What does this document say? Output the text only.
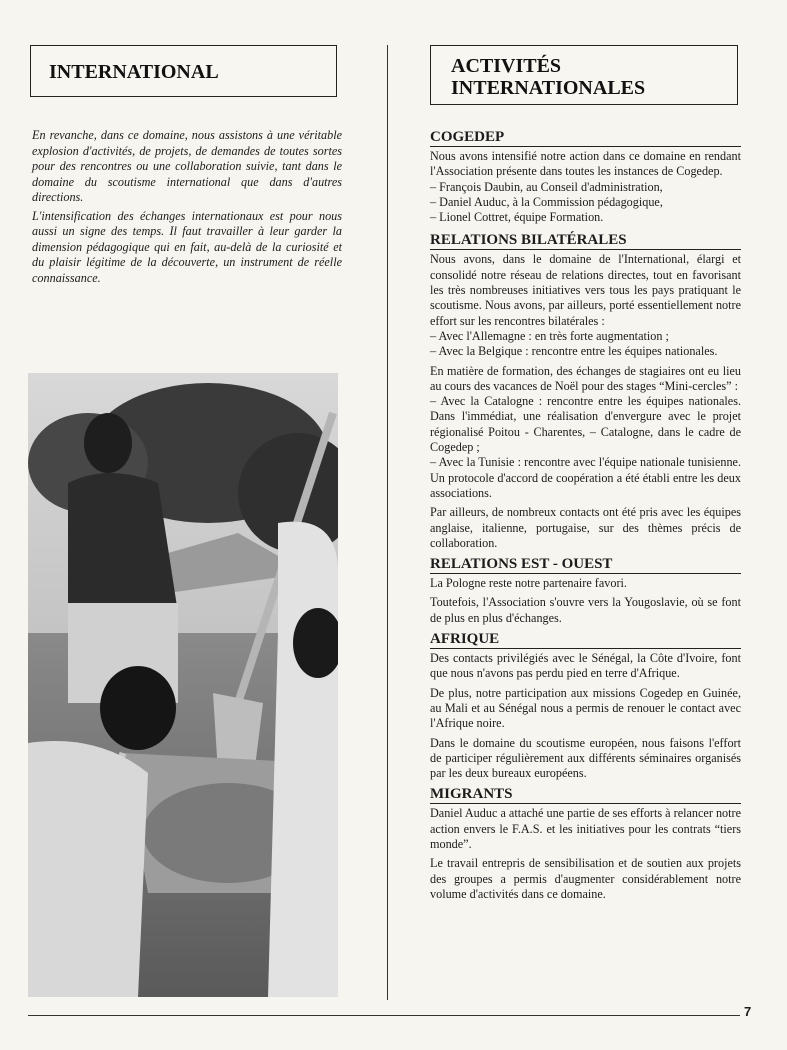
INTERNATIONAL

En revanche, dans ce domaine, nous assistons à une véritable explosion d'activités, de projets, de demandes de toutes sortes pour des rencontres ou une collaboration suivie, tant dans le domaine du scoutisme international que dans d'autres directions.

L'intensification des échanges internationaux est pour nous aussi un signe des temps. Il faut travailler à leur garder la dimension pédagogique qui en fait, au-delà de la curiosité et du plaisir légitime de la découverte, un instrument de réelle connaissance.

ACTIVITÉS
INTERNATIONALES
COGEDEP

Nous avons intensifié notre action dans ce domaine en rendant l'Association présente dans toutes les instances de Cogedep.

– François Daubin, au Conseil d'administration,
– Daniel Auduc, à la Commission pédagogique,
– Lionel Cottret, équipe Formation.
RELATIONS BILATÉRALES

Nous avons, dans le domaine de l'International, élargi et consolidé notre réseau de relations directes, tout en favorisant les très nombreuses initiatives vers tous les pays pratiquant le scoutisme. Nous avons, par ailleurs, porté essentiellement notre effort sur les rencontres bilatérales :

– Avec l'Allemagne : en très forte augmentation ;

– Avec la Belgique : rencontre entre les équipes nationales.

En matière de formation, des échanges de stagiaires ont eu lieu au cours des vacances de Noël pour des stages “Mini-cercles” :

– Avec la Catalogne : rencontre entre les équipes nationales. Dans l'immédiat, une réalisation d'envergure avec le projet régionalisé Poitou - Charentes, – Catalogne, dans le cadre de Cogedep ;

– Avec la Tunisie : rencontre avec l'équipe nationale tunisienne. Un protocole d'accord de coopération a été établi entre les deux associations.

Par ailleurs, de nombreux contacts ont été pris avec les équipes anglaise, italienne, portugaise, sur des thèmes précis de collaboration.

RELATIONS EST - OUEST

La Pologne reste notre partenaire favori.

Toutefois, l'Association s'ouvre vers la Yougoslavie, où se font de plus en plus d'échanges.

AFRIQUE

Des contacts privilégiés avec le Sénégal, la Côte d'Ivoire, font que nous n'avons pas perdu pied en terre d'Afrique.

De plus, notre participation aux missions Cogedep en Guinée, au Mali et au Sénégal nous a permis de renouer le contact avec l'Afrique noire.

Dans le domaine du scoutisme européen, nous faisons l'effort de participer régulièrement aux différents séminaires organisés par les deux bureaux européens.

MIGRANTS

Daniel Auduc a attaché une partie de ses efforts à relancer notre action envers le F.A.S. et les initiatives pour les contrats “tiers monde”.

Le travail entrepris de sensibilisation et de soutien aux projets des groupes a permis d'augmenter considérablement notre volume d'activités dans ce domaine.

7
